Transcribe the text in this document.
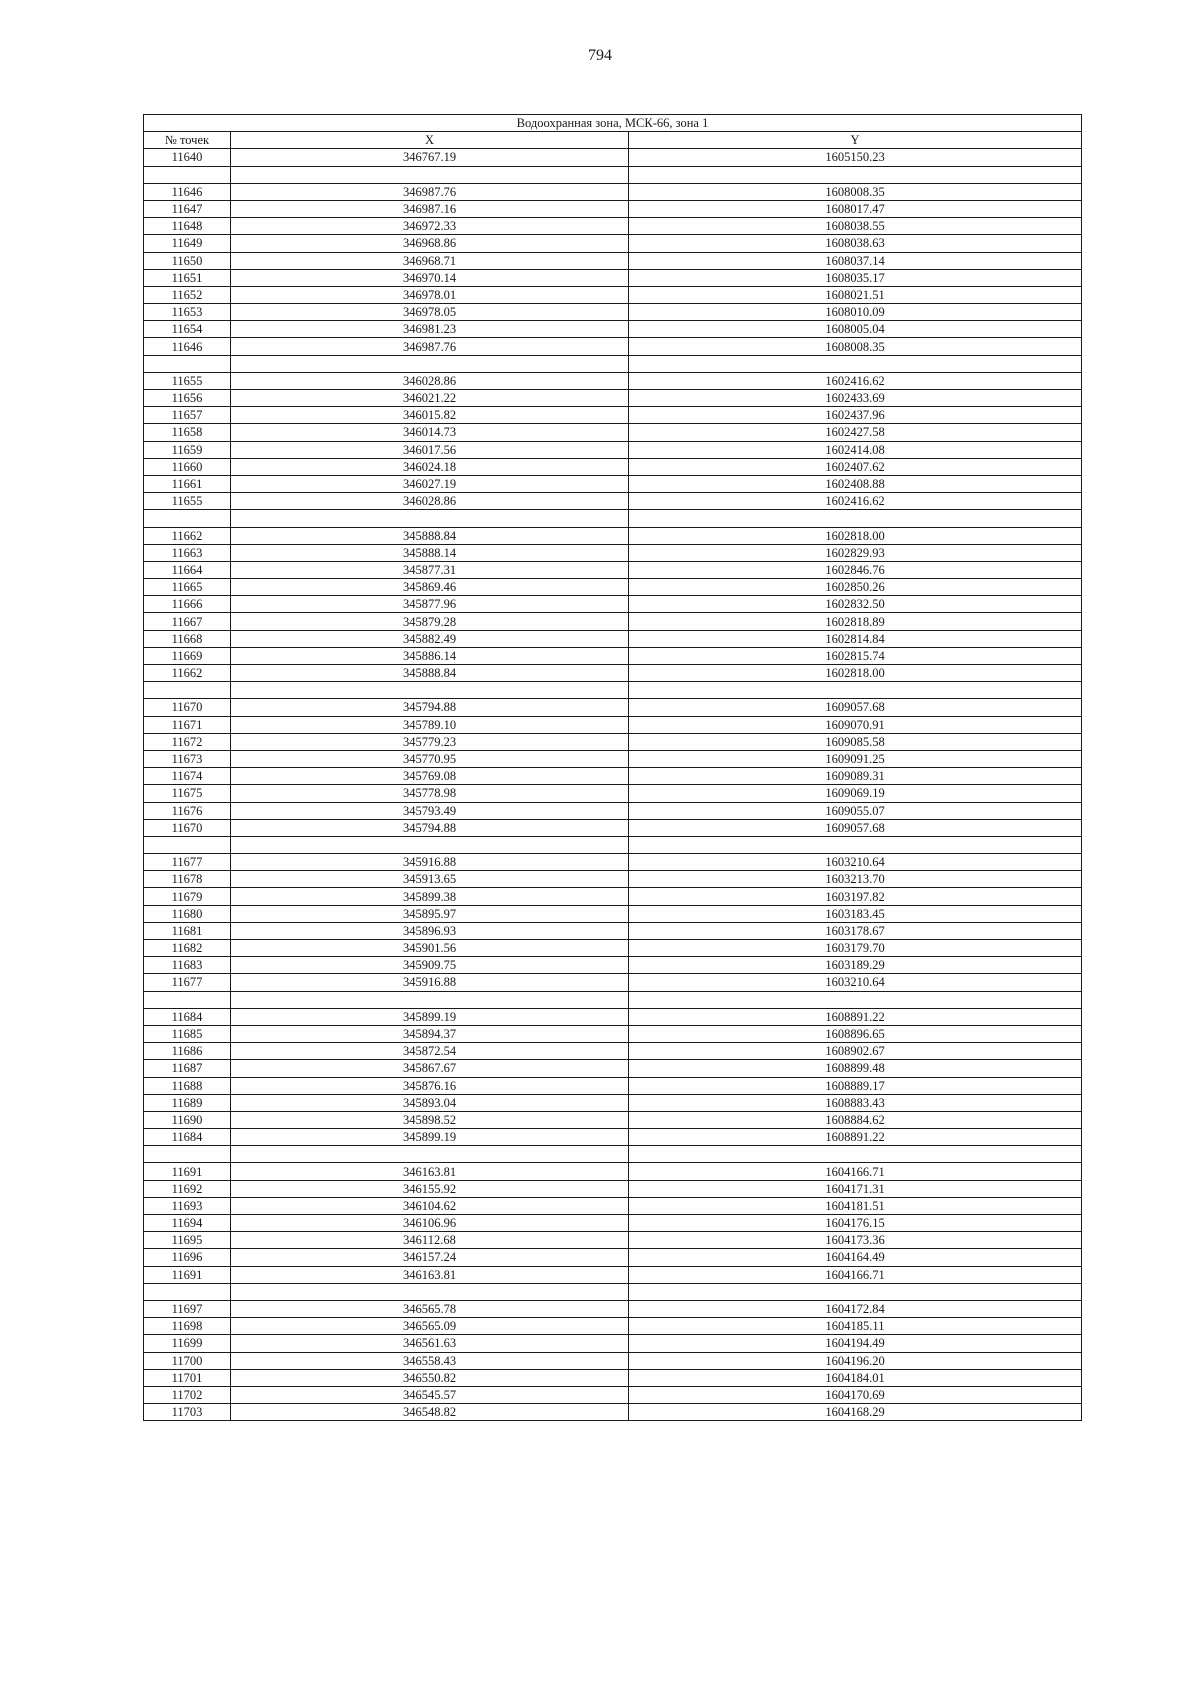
794
Водоохранная зона, МСК-66, зона 1		
№ точек	X	Y
11640	346767.19	1605150.23

11646	346987.76	1608008.35
11647	346987.16	1608017.47
11648	346972.33	1608038.55
11649	346968.86	1608038.63
11650	346968.71	1608037.14
11651	346970.14	1608035.17
11652	346978.01	1608021.51
11653	346978.05	1608010.09
11654	346981.23	1608005.04
11646	346987.76	1608008.35

11655	346028.86	1602416.62
11656	346021.22	1602433.69
11657	346015.82	1602437.96
11658	346014.73	1602427.58
11659	346017.56	1602414.08
11660	346024.18	1602407.62
11661	346027.19	1602408.88
11655	346028.86	1602416.62

11662	345888.84	1602818.00
11663	345888.14	1602829.93
11664	345877.31	1602846.76
11665	345869.46	1602850.26
11666	345877.96	1602832.50
11667	345879.28	1602818.89
11668	345882.49	1602814.84
11669	345886.14	1602815.74
11662	345888.84	1602818.00

11670	345794.88	1609057.68
11671	345789.10	1609070.91
11672	345779.23	1609085.58
11673	345770.95	1609091.25
11674	345769.08	1609089.31
11675	345778.98	1609069.19
11676	345793.49	1609055.07
11670	345794.88	1609057.68

11677	345916.88	1603210.64
11678	345913.65	1603213.70
11679	345899.38	1603197.82
11680	345895.97	1603183.45
11681	345896.93	1603178.67
11682	345901.56	1603179.70
11683	345909.75	1603189.29
11677	345916.88	1603210.64

11684	345899.19	1608891.22
11685	345894.37	1608896.65
11686	345872.54	1608902.67
11687	345867.67	1608899.48
11688	345876.16	1608889.17
11689	345893.04	1608883.43
11690	345898.52	1608884.62
11684	345899.19	1608891.22

11691	346163.81	1604166.71
11692	346155.92	1604171.31
11693	346104.62	1604181.51
11694	346106.96	1604176.15
11695	346112.68	1604173.36
11696	346157.24	1604164.49
11691	346163.81	1604166.71

11697	346565.78	1604172.84
11698	346565.09	1604185.11
11699	346561.63	1604194.49
11700	346558.43	1604196.20
11701	346550.82	1604184.01
11702	346545.57	1604170.69
11703	346548.82	1604168.29
